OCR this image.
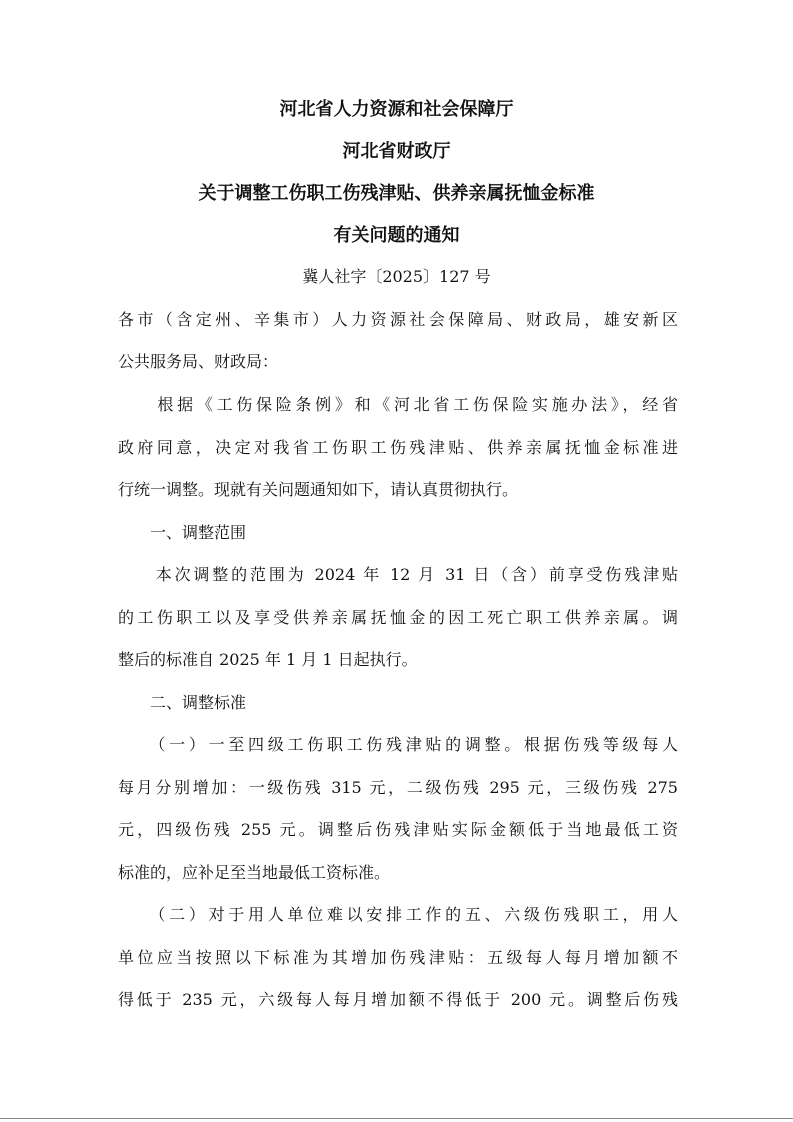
河北省人力资源和社会保障厅
河北省财政厅
关于调整工伤职工伤残津贴、供养亲属抚恤金标准
有关问题的通知
冀人社字〔2025〕127 号
各市（含定州、辛集市）人力资源社会保障局、财政局，雄安新区
公共服务局、财政局：
　　根据《工伤保险条例》和《河北省工伤保险实施办法》，经省
政府同意，决定对我省工伤职工伤残津贴、供养亲属抚恤金标准进
行统一调整。现就有关问题通知如下，请认真贯彻执行。
　　一、调整范围
　　本次调整的范围为 2024 年 12 月 31 日（含）前享受伤残津贴
的工伤职工以及享受供养亲属抚恤金的因工死亡职工供养亲属。调
整后的标准自 2025 年 1 月 1 日起执行。
　　二、调整标准
　　（一）一至四级工伤职工伤残津贴的调整。根据伤残等级每人
每月分别增加：一级伤残 315 元，二级伤残 295 元，三级伤残 275
元，四级伤残 255 元。调整后伤残津贴实际金额低于当地最低工资
标准的，应补足至当地最低工资标准。
　　（二）对于用人单位难以安排工作的五、六级伤残职工，用人
单位应当按照以下标准为其增加伤残津贴：五级每人每月增加额不
得低于 235 元，六级每人每月增加额不得低于 200 元。调整后伤残
